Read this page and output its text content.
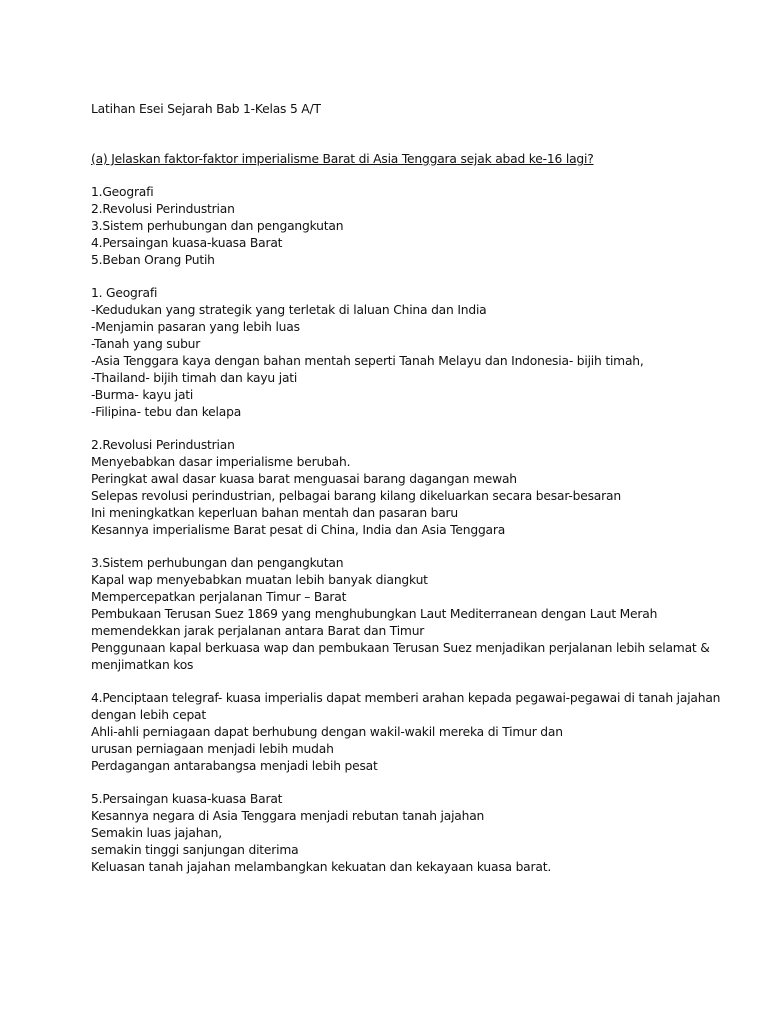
Latihan Esei Sejarah Bab 1-Kelas 5 A/T
(a) Jelaskan faktor-faktor imperialisme Barat di Asia Tenggara sejak abad ke-16 lagi?
1.Geografi
2.Revolusi Perindustrian
3.Sistem perhubungan dan pengangkutan
4.Persaingan kuasa-kuasa Barat
5.Beban Orang Putih
1. Geografi
-Kedudukan yang strategik yang terletak di laluan China dan India
-Menjamin pasaran yang lebih luas
-Tanah yang subur
-Asia Tenggara kaya dengan bahan mentah seperti Tanah Melayu dan Indonesia- bijih timah,
-Thailand- bijih timah dan kayu jati
-Burma- kayu jati
-Filipina- tebu dan kelapa
2.Revolusi Perindustrian
Menyebabkan dasar imperialisme berubah.
Peringkat awal dasar kuasa barat menguasai barang dagangan mewah
Selepas revolusi perindustrian, pelbagai barang kilang dikeluarkan secara besar-besaran
Ini meningkatkan keperluan bahan mentah dan pasaran baru
Kesannya imperialisme Barat pesat di China, India dan Asia Tenggara
3.Sistem perhubungan dan pengangkutan
Kapal wap menyebabkan muatan lebih banyak diangkut
Mempercepatkan perjalanan Timur – Barat
Pembukaan Terusan Suez 1869 yang menghubungkan Laut Mediterranean dengan Laut Merah
memendekkan jarak perjalanan antara Barat dan Timur
Penggunaan kapal berkuasa wap dan pembukaan Terusan Suez menjadikan perjalanan lebih selamat &
menjimatkan kos
4.Penciptaan telegraf- kuasa imperialis dapat memberi arahan kepada pegawai-pegawai di tanah jajahan
dengan lebih cepat
Ahli-ahli perniagaan dapat berhubung dengan wakil-wakil mereka di Timur dan
urusan perniagaan menjadi lebih mudah
Perdagangan antarabangsa menjadi lebih pesat
5.Persaingan kuasa-kuasa Barat
Kesannya negara di Asia Tenggara menjadi rebutan tanah jajahan
Semakin luas jajahan,
semakin tinggi sanjungan diterima
Keluasan tanah jajahan melambangkan kekuatan dan kekayaan kuasa barat.
